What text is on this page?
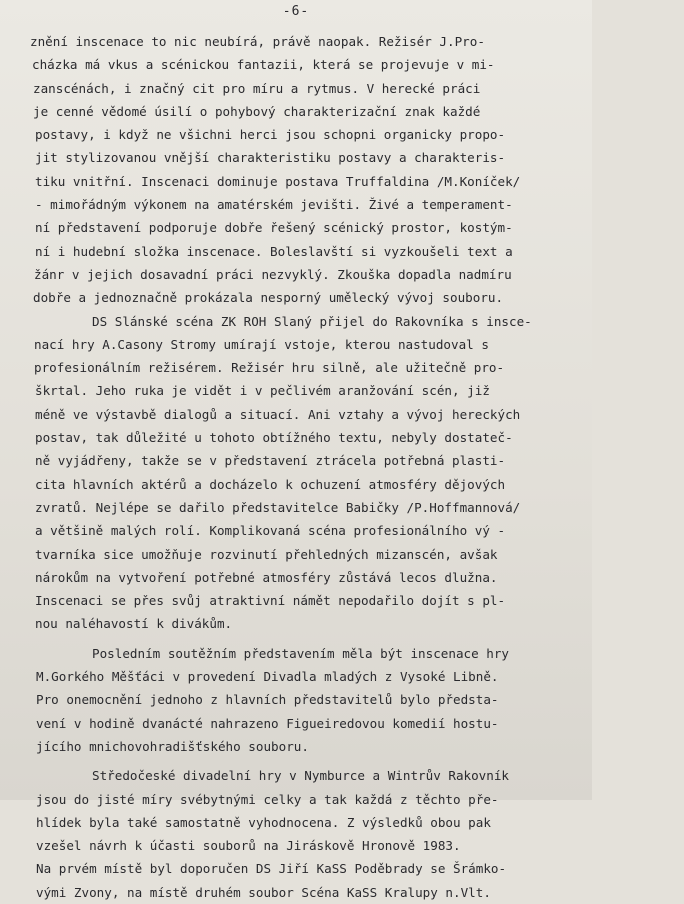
-6-
znění inscenace to nic neubírá, právě naopak. Režisér J.Pro-
cházka má vkus a scénickou fantazii, která se projevuje v mi-
zanscénách, i značný cit pro míru a rytmus. V herecké práci
je cenné vědomé úsilí o pohybový charakterizační znak každé
postavy, i když ne všichni herci jsou schopni organicky propo-
jit stylizovanou vnější charakteristiku postavy a charakteris-
tiku vnitřní. Inscenaci dominuje postava Truffaldina /M.Koníček/
- mimořádným výkonem na amatérském jevišti. Živé a temperament-
ní představení podporuje dobře řešený scénický prostor, kostým-
ní i hudební složka inscenace. Boleslavští si vyzkoušeli text a
žánr v jejich dosavadní práci nezvyklý. Zkouška dopadla nadmíru
dobře a jednoznačně prokázala nesporný umělecký vývoj souboru.
DS Slánské scéna ZK ROH Slaný přijel do Rakovníka s insce-
nací hry A.Casony Stromy umírají vstoje, kterou nastudoval s
profesionálním režisérem. Režisér hru silně, ale užitečně pro-
škrtal. Jeho ruka je vidět i v pečlivém aranžování scén, již
méně ve výstavbě dialogů a situací. Ani vztahy a vývoj hereckých
postav, tak důležité u tohoto obtížného textu, nebyly dostateč-
ně vyjádřeny, takže se v představení ztrácela potřebná plasti-
cita hlavních aktérů a docházelo k ochuzení atmosféry dějových
zvratů. Nejlépe se dařilo představitelce Babičky /P.Hoffmannová/
a většině malých rolí. Komplikovaná scéna profesionálního vý -
tvarníka sice umožňuje rozvinutí přehledných mizanscén, avšak
nárokům na vytvoření potřebné atmosféry zůstává lecos dlužna.
Inscenaci se přes svůj atraktivní námět nepodařilo dojít s pl-
nou naléhavostí k divákům.
Posledním soutěžním představením měla být inscenace hry
M.Gorkého Měšťáci v provedení Divadla mladých z Vysoké Libně.
Pro onemocnění jednoho z hlavních představitelů bylo předsta-
vení v hodině dvanácté nahrazeno Figueiredovou komedií hostu-
jícího mnichovohradišťského souboru.
Středočeské divadelní hry v Nymburce a Wintrův Rakovník
jsou do jisté míry svébytnými celky a tak každá z těchto pře-
hlídek byla také samostatně vyhodnocena. Z výsledků obou pak
vzešel návrh k účasti souborů na Jiráskově Hronově 1983.
Na prvém místě byl doporučen DS Jiří KaSS Poděbrady se Šrámko-
vými Zvony, na místě druhém soubor Scéna KaSS Kralupy n.Vlt.
